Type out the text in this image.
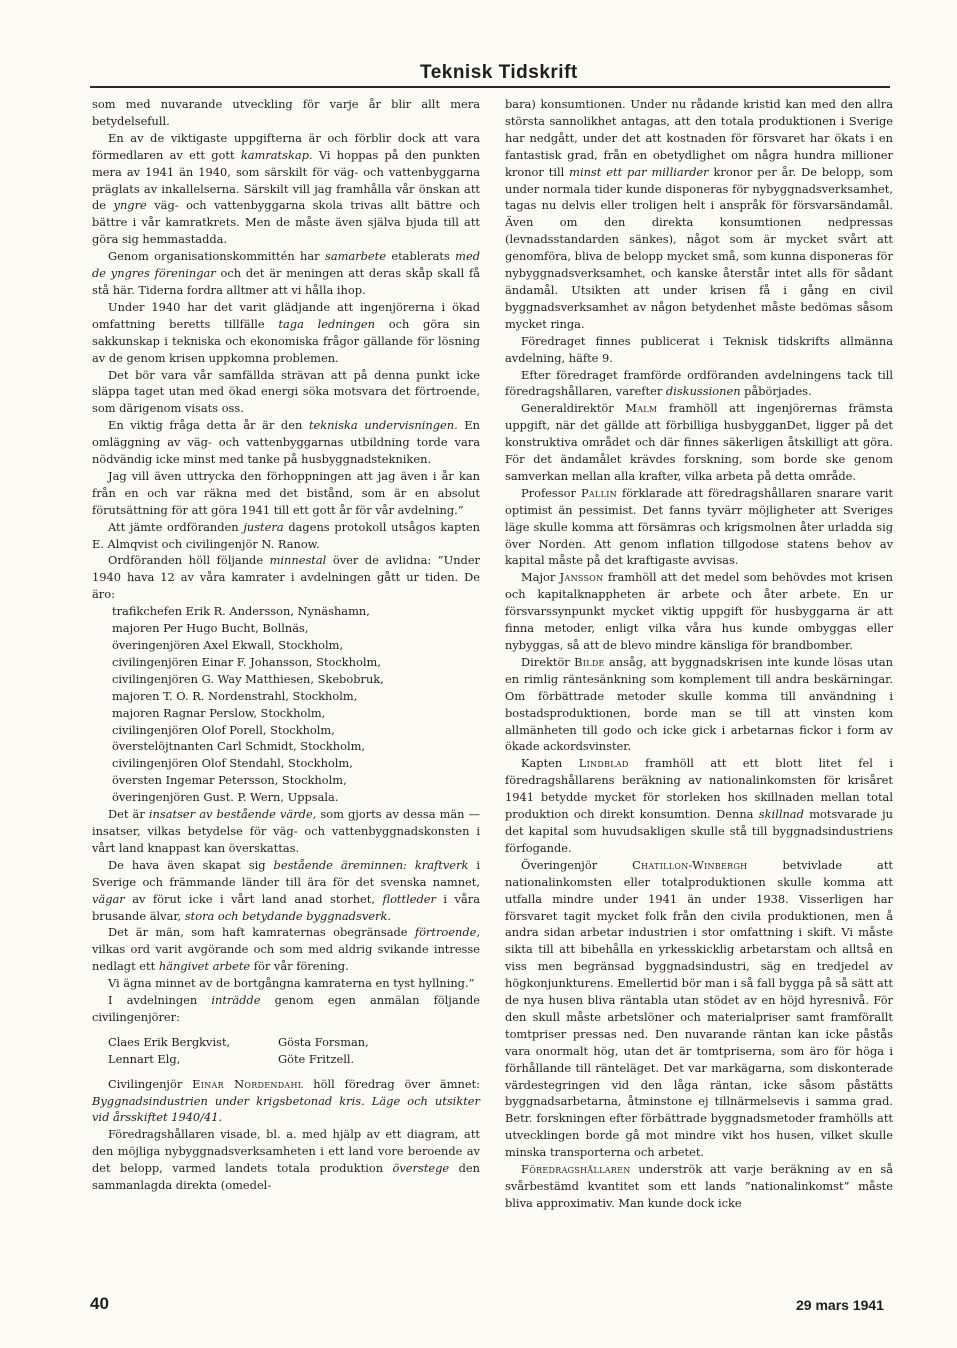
Teknisk Tidskrift

som med nuvarande utveckling för varje år blir allt mera betydelsefull.

En av de viktigaste uppgifterna är och förblir dock att vara förmedlaren av ett gott kamratskap. Vi hoppas på den punkten mera av 1941 än 1940, som särskilt för väg- och vattenbyggarna präglats av inkallelserna. Särskilt vill jag framhålla vår önskan att de yngre väg- och vattenbyggarna skola trivas allt bättre och bättre i vår kamratkrets. Men de måste även själva bjuda till att göra sig hemmastadda.

Genom organisationskommittén har samarbete etablerats med de yngres föreningar och det är meningen att deras skåp skall få stå här. Tiderna fordra alltmer att vi hålla ihop.

Under 1940 har det varit glädjande att ingenjörerna i ökad omfattning beretts tillfälle taga ledningen och göra sin sakkunskap i tekniska och ekonomiska frågor gällande för lösning av de genom krisen uppkomna problemen.

Det bör vara vår samfällda strävan att på denna punkt icke släppa taget utan med ökad energi söka motsvara det förtroende, som därigenom visats oss.

En viktig fråga detta år är den tekniska undervisningen. En omläggning av väg- och vattenbyggarnas utbildning torde vara nödvändig icke minst med tanke på husbyggnadstekniken.

Jag vill även uttrycka den förhoppningen att jag även i år kan från en och var räkna med det bistånd, som är en absolut förutsättning för att göra 1941 till ett gott år för vår avdelning.”

Att jämte ordföranden justera dagens protokoll utsågos kapten E. Almqvist och civilingenjör N. Ranow.

Ordföranden höll följande minnestal över de avlidna: ”Under 1940 hava 12 av våra kamrater i avdelningen gått ur tiden. De äro:

trafikchefen Erik R. Andersson, Nynäshamn,
majoren Per Hugo Bucht, Bollnäs,
överingenjören Axel Ekwall, Stockholm,
civilingenjören Einar F. Johansson, Stockholm,
civilingenjören G. Way Matthiesen, Skebobruk,
majoren T. O. R. Nordenstrahl, Stockholm,
majoren Ragnar Perslow, Stockholm,
civilingenjören Olof Porell, Stockholm,
överstelöjtnanten Carl Schmidt, Stockholm,
civilingenjören Olof Stendahl, Stockholm,
översten Ingemar Petersson, Stockholm,
överingenjören Gust. P. Wern, Uppsala.

Det är insatser av bestående värde, som gjorts av dessa män — insatser, vilkas betydelse för väg- och vattenbyggnadskonsten i vårt land knappast kan överskattas.

De hava även skapat sig bestående äreminnen: kraftverk i Sverige och främmande länder till ära för det svenska namnet, vägar av förut icke i vårt land anad storhet, flottleder i våra brusande älvar, stora och betydande byggnadsverk.

Det är män, som haft kamraternas obegränsade förtroende, vilkas ord varit avgörande och som med aldrig svikande intresse nedlagt ett hängivet arbete för vår förening.

Vi ägna minnet av de bortgångna kamraterna en tyst hyllning.”

I avdelningen inträdde genom egen anmälan följande civilingenjörer:

Claes Erik Bergkvist,	Gösta Forsman,
Lennart Elg,	Göte Fritzell.

Civilingenjör Einar Nordendahl höll föredrag över ämnet: Byggnadsindustrien under krigsbetonad kris. Läge och utsikter vid årsskiftet 1940/41.

Föredragshållaren visade, bl. a. med hjälp av ett diagram, att den möjliga nybyggnadsverksamheten i ett land vore beroende av det belopp, varmed landets totala produktion överstege den sammanlagda direkta (omedel-

bara) konsumtionen. Under nu rådande kristid kan med den allra största sannolikhet antagas, att den totala produktionen i Sverige har nedgått, under det att kostnaden för försvaret har ökats i en fantastisk grad, från en obetydlighet om några hundra millioner kronor till minst ett par milliarder kronor per år. De belopp, som under normala tider kunde disponeras för nybyggnadsverksamhet, tagas nu delvis eller troligen helt i anspråk för försvarsändamål. Även om den direkta konsumtionen nedpressas (levnadsstandarden sänkes), något som är mycket svårt att genomföra, bliva de belopp mycket små, som kunna disponeras för nybyggnadsverksamhet, och kanske återstår intet alls för sådant ändamål. Utsikten att under krisen få i gång en civil byggnadsverksamhet av någon betydenhet måste bedömas såsom mycket ringa.

Föredraget finnes publicerat i Teknisk tidskrifts allmänna avdelning, häfte 9.

Efter föredraget framförde ordföranden avdelningens tack till föredragshållaren, varefter diskussionen påbörjades.

Generaldirektör Malm framhöll att ingenjörernas främsta uppgift, när det gällde att förbilliga husbygganDet, ligger på det konstruktiva området och där finnes säkerligen åtskilligt att göra. För det ändamålet krävdes forskning, som borde ske genom samverkan mellan alla krafter, vilka arbeta på detta område.

Professor Pallin förklarade att föredragshållaren snarare varit optimist än pessimist. Det fanns tyvärr möjligheter att Sveriges läge skulle komma att försämras och krigsmolnen åter urladda sig över Norden. Att genom inflation tillgodose statens behov av kapital måste på det kraftigaste avvisas.

Major Jansson framhöll att det medel som behövdes mot krisen och kapitalknappheten är arbete och åter arbete. En ur försvarssynpunkt mycket viktig uppgift för husbyggarna är att finna metoder, enligt vilka våra hus kunde ombyggas eller nybyggas, så att de blevo mindre känsliga för brandbomber.

Direktör Bilde ansåg, att byggnadskrisen inte kunde lösas utan en rimlig räntesänkning som komplement till andra beskärningar. Om förbättrade metoder skulle komma till användning i bostadsproduktionen, borde man se till att vinsten kom allmänheten till godo och icke gick i arbetarnas fickor i form av ökade ackordsvinster.

Kapten Lindblad framhöll att ett blott litet fel i föredragshållarens beräkning av nationalinkomsten för krisåret 1941 betydde mycket för storleken hos skillnaden mellan total produktion och direkt konsumtion. Denna skillnad motsvarade ju det kapital som huvudsakligen skulle stå till byggnadsindustriens förfogande.

Överingenjör Chatillon-Winbergh betvivlade att nationalinkomsten eller totalproduktionen skulle komma att utfalla mindre under 1941 än under 1938. Visserligen har försvaret tagit mycket folk från den civila produktionen, men å andra sidan arbetar industrien i stor omfattning i skift. Vi måste sikta till att bibehålla en yrkesskicklig arbetarstam och alltså en viss men begränsad byggnadsindustri, säg en tredjedel av högkonjunkturens. Emellertid bör man i så fall bygga på så sätt att de nya husen bliva räntabla utan stödet av en höjd hyresnivå. För den skull måste arbetslöner och materialpriser samt framförallt tomtpriser pressas ned. Den nuvarande räntan kan icke påstås vara onormalt hög, utan det är tomtpriserna, som äro för höga i förhållande till ränteläget. Det var markägarna, som diskonterade värdestegringen vid den låga räntan, icke såsom påstätts byggnadsarbetarna, åtminstone ej tillnärmelsevis i samma grad. Betr. forskningen efter förbättrade byggnadsmetoder framhölls att utvecklingen borde gå mot mindre vikt hos husen, vilket skulle minska transporterna och arbetet.

Föredragshållaren underströk att varje beräkning av en så svårbestämd kvantitet som ett lands ”nationalinkomst” måste bliva approximativ. Man kunde dock icke

40	29 mars 1941
